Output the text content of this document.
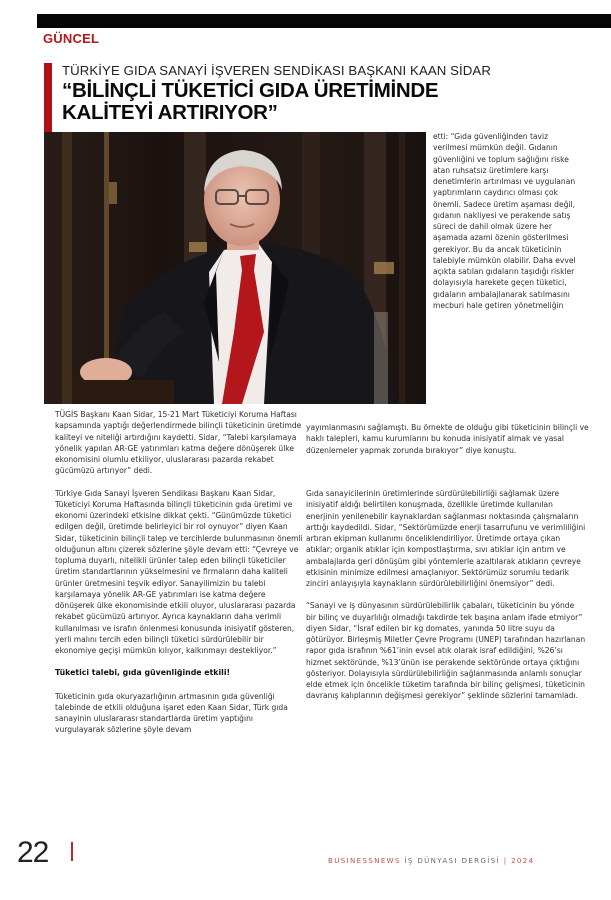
GÜNCEL
TÜRKİYE GIDA SANAYİ İŞVEREN SENDİKASI BAŞKANI KAAN SİDAR
“BİLİNÇLİ TÜKETİCİ GIDA ÜRETİMİNDE
KALİTEYİ ARTIRIYOR”

etti: “Gıda güvenliğinden taviz verilmesi mümkün değil. Gıdanın güvenliğini ve toplum sağlığını riske atan ruhsatsız üretimlere karşı denetimlerin artırılması ve uygulanan yaptırımların caydırıcı olması çok önemli. Sadece üretim aşaması değil, gıdanın nakliyesi ve perakende satış süreci de dahil olmak üzere her aşamada azami özenin gösterilmesi gerekiyor. Bu da ancak tüketicinin talebiyle mümkün olabilir. Daha evvel açıkta satılan gıdaların taşıdığı riskler dolayısıyla harekete geçen tüketici, gıdaların ambalajlanarak satılmasını mecburi hale getiren yönetmeliğin

yayımlanmasını sağlamıştı. Bu örnekte de olduğu gibi tüketicinin bilinçli ve haklı talepleri, kamu kurumlarını bu konuda inisiyatif almak ve yasal düzenlemeler yapmak zorunda bırakıyor” diye konuştu.

TÜGİS Başkanı Kaan Sidar, 15-21 Mart Tüketiciyi Koruma Haftası kapsamında yaptığı değerlendirmede bilinçli tüketicinin üretimde kaliteyi ve niteliği artırdığını kaydetti. Sidar, “Talebi karşılamaya yönelik yapılan AR-GE yatırımları katma değere dönüşerek ülke ekonomisini olumlu etkiliyor, uluslararası pazarda rekabet gücümüzü artırıyor” dedi.

Türkiye Gıda Sanayi İşveren Sendikası Başkanı Kaan Sidar, Tüketiciyi Koruma Haftasında bilinçli tüketicinin gıda üretimi ve ekonomi üzerindeki etkisine dikkat çekti. “Günümüzde tüketici edilgen değil, üretimde belirleyici bir rol oynuyor” diyen Kaan Sidar, tüketicinin bilinçli talep ve tercihlerde bulunmasının önemli olduğunun altını çizerek sözlerine şöyle devam etti: “Çevreye ve topluma duyarlı, nitelikli ürünler talep eden bilinçli tüketiciler üretim standartlarının yükselmesini ve firmaların daha kaliteli ürünler üretmesini teşvik ediyor. Sanayilimizin bu talebi karşılamaya yönelik AR-GE yatırımları ise katma değere dönüşerek ülke ekonomisinde etkili oluyor, uluslararası pazarda rekabet gücümüzü artırıyor. Ayrıca kaynakların daha verimli kullanılması ve israfın önlenmesi konusunda inisiyatif gösteren, yerli malını tercih eden bilinçli tüketici sürdürülebilir bir ekonomiye geçişi mümkün kılıyor, kalkınmayı destekliyor.”

Tüketici talebi, gıda güvenliğinde etkili!

Tüketicinin gıda okuryazarlığının artmasının gıda güvenliği talebinde de etkili olduğuna işaret eden Kaan Sidar, Türk gıda sanayinin uluslararası standartlarda üretim yaptığını vurgulayarak sözlerine şöyle devam

Gıda sanayicilerinin üretimlerinde sürdürülebilirliği sağlamak üzere inisiyatif aldığı belirtilen konuşmada, özellikle üretimde kullanılan enerjinin yenilenebilir kaynaklardan sağlanması noktasında çalışmaların arttığı kaydedildi. Sidar, “Sektörümüzde enerji tasarrufunu ve verimliliğini artıran ekipman kullanımı önceliklendiriliyor. Üretimde ortaya çıkan atıklar; organik atıklar için kompostlaştırma, sıvı atıklar için arıtım ve ambalajlarda geri dönüşüm gibi yöntemlerle azaltılarak atıkların çevreye etkisinin minimize edilmesi amaçlanıyor. Sektörümüz sorumlu tedarik zinciri anlayışıyla kaynakların sürdürülebilirliğini önemsiyor” dedi.

“Sanayi ve iş dünyasının sürdürülebilirlik çabaları, tüketicinin bu yönde bir bilinç ve duyarlılığı olmadığı takdirde tek başına anlam ifade etmiyor” diyen Sidar, “İsraf edilen bir kg domates, yanında 50 litre suyu da götürüyor. Birleşmiş Miletler Çevre Programı (UNEP) tarafından hazırlanan rapor gıda israfının %61’inin evsel atık olarak israf edildiğini, %26’sı hizmet sektöründe, %13’ünün ise perakende sektöründe ortaya çıktığını gösteriyor. Dolayısıyla sürdürülebilirliğin sağlanmasında anlamlı sonuçlar elde etmek için öncelikle tüketim tarafında bir bilinç gelişmesi, tüketicinin davranış kalıplarının değişmesi gerekiyor” şeklinde sözlerini tamamladı.

22	BUSINESSNEWS İŞ DÜNYASI DERGİSİ | 2024
